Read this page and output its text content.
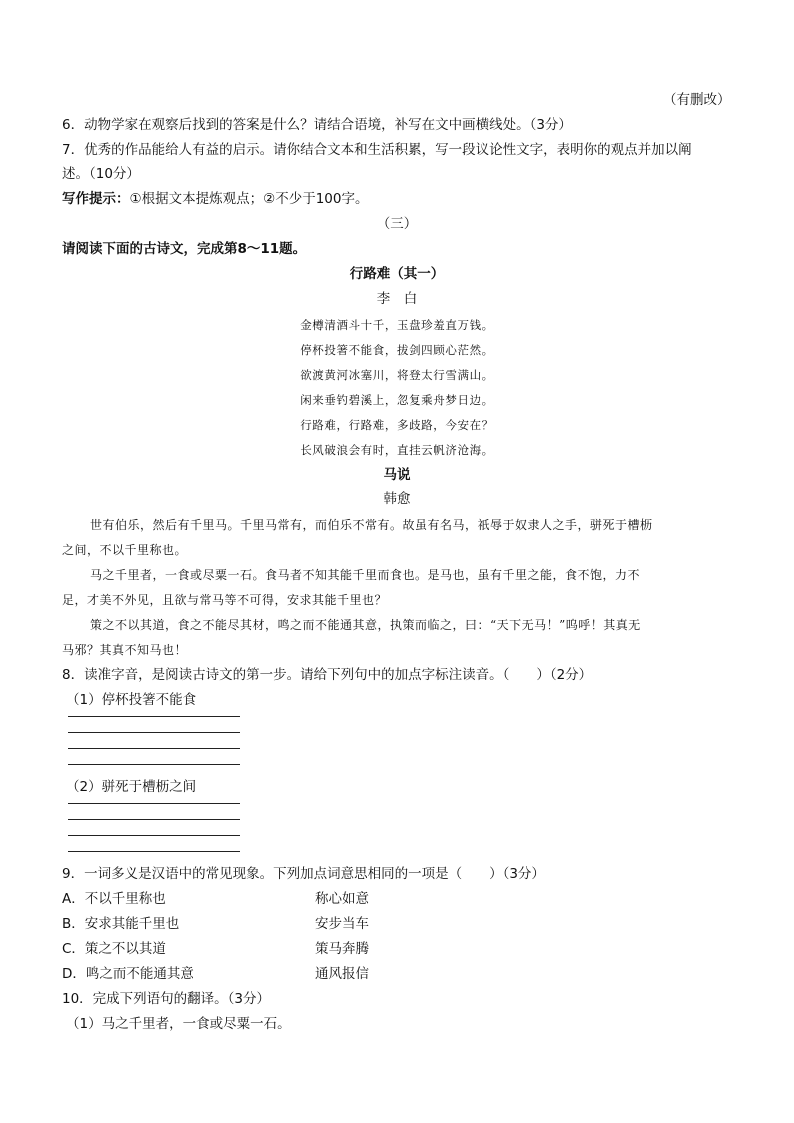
（有删改）
6．动物学家在观察后找到的答案是什么？请结合语境，补写在文中画横线处。（3分）
7．优秀的作品能给人有益的启示。请你结合文本和生活积累，写一段议论性文字，表明你的观点并加以阐
述。（10分）
写作提示：①根据文本提炼观点；②不少于100字。
（三）
请阅读下面的古诗文，完成第8～11题。
行路难（其一）
李　白
金樽清酒斗十千，玉盘珍羞直万钱。
停杯投箸不能食，拔剑四顾心茫然。
欲渡黄河冰塞川，将登太行雪满山。
闲来垂钓碧溪上，忽复乘舟梦日边。
行路难，行路难，多歧路，今安在？
长风破浪会有时，直挂云帆济沧海。
马说
韩愈
世有伯乐，然后有千里马。千里马常有，而伯乐不常有。故虽有名马，祇辱于奴隶人之手，骈死于槽枥
之间，不以千里称也。
马之千里者，一食或尽粟一石。食马者不知其能千里而食也。是马也，虽有千里之能，食不饱，力不
足，才美不外见，且欲与常马等不可得，安求其能千里也？
策之不以其道，食之不能尽其材，鸣之而不能通其意，执策而临之，曰：“天下无马！”呜呼！其真无
马邪？其真不知马也！
8．读准字音，是阅读古诗文的第一步。请给下列句中的加点字标注读音。（　　）（2分）
（1）停杯投箸不能食
（2）骈死于槽枥之间
9．一词多义是汉语中的常见现象。下列加点词意思相同的一项是（　　）（3分）
A．不以千里称也	称心如意
B．安求其能千里也	安步当车
C．策之不以其道	策马奔腾
D．鸣之而不能通其意	通风报信
10．完成下列语句的翻译。（3分）
（1）马之千里者，一食或尽粟一石。
